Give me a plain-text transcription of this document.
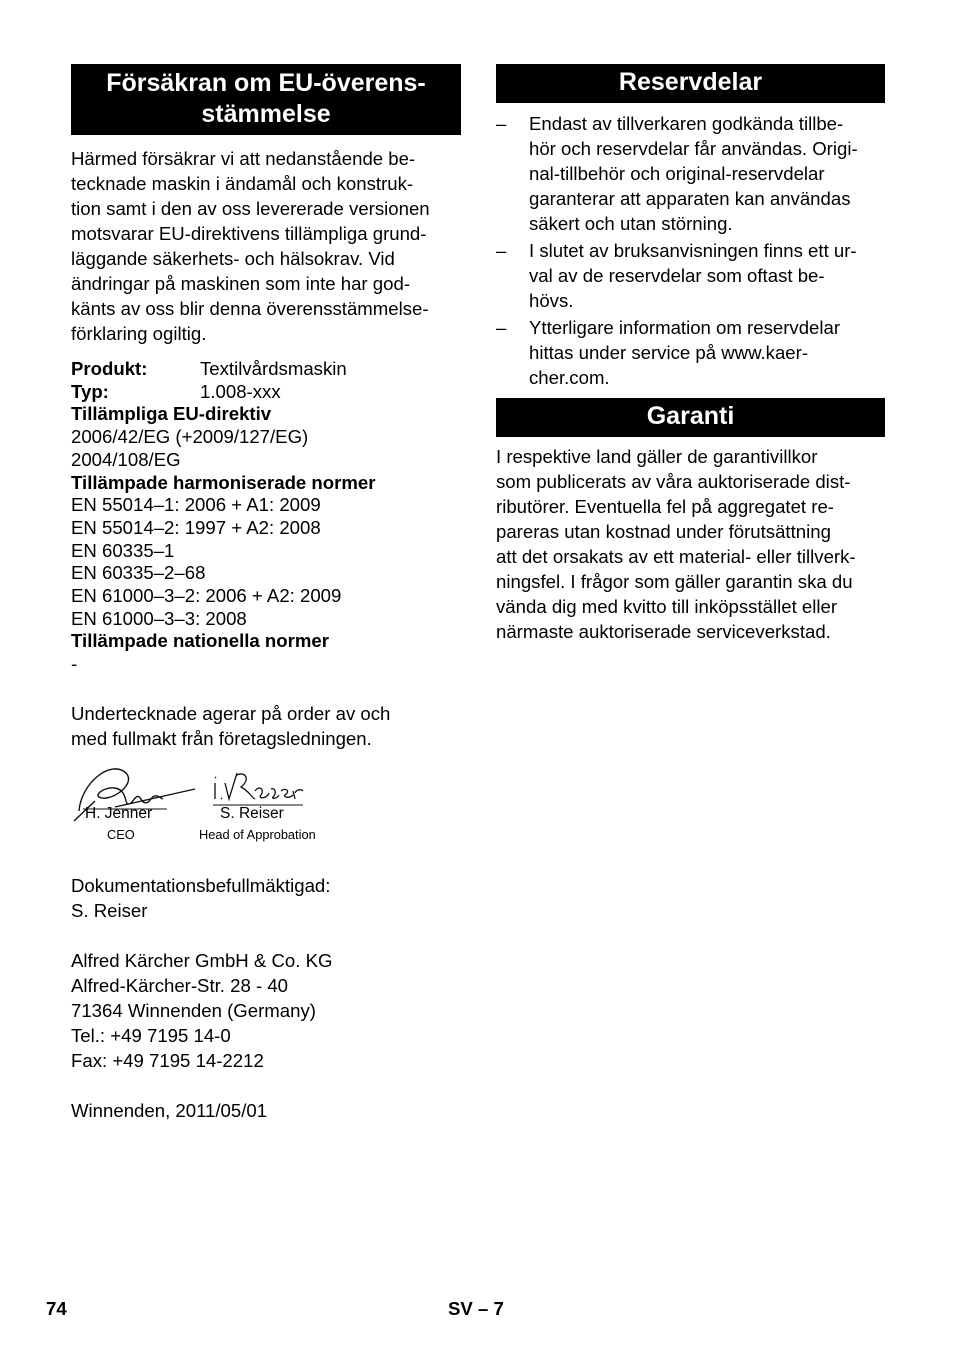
Försäkran om EU-överens-
stämmelse
Härmed försäkrar vi att nedanstående be-
tecknade maskin i ändamål och konstruk-
tion samt i den av oss levererade versionen
motsvarar EU-direktivens tillämpliga grund-
läggande säkerhets- och hälsokrav. Vid
ändringar på maskinen som inte har god-
känts av oss blir denna överensstämmelse-
förklaring ogiltig.
Produkt:	Textilvårdsmaskin
Typ:	1.008-xxx
Tillämpliga EU-direktiv
2006/42/EG (+2009/127/EG)
2004/108/EG
Tillämpade harmoniserade normer
EN 55014–1: 2006 + A1: 2009
EN 55014–2: 1997 + A2: 2008
EN 60335–1
EN 60335–2–68
EN 61000–3–2: 2006 + A2: 2009
EN 61000–3–3: 2008
Tillämpade nationella normer
-
Undertecknade agerar på order av och
med fullmakt från företagsledningen.
H. Jenner
CEO
S. Reiser
Head of Approbation
Dokumentationsbefullmäktigad:
S. Reiser
Alfred Kärcher GmbH & Co. KG
Alfred-Kärcher-Str. 28 - 40
71364 Winnenden (Germany)
Tel.: +49 7195 14-0
Fax: +49 7195 14-2212
Winnenden, 2011/05/01
Reservdelar
– Endast av tillverkaren godkända tillbe-
hör och reservdelar får användas. Origi-
nal-tillbehör och original-reservdelar
garanterar att apparaten kan användas
säkert och utan störning.
– I slutet av bruksanvisningen finns ett ur-
val av de reservdelar som oftast be-
hövs.
– Ytterligare information om reservdelar
hittas under service på www.kaer-
cher.com.
Garanti
I respektive land gäller de garantivillkor
som publicerats av våra auktoriserade dist-
ributörer. Eventuella fel på aggregatet re-
pareras utan kostnad under förutsättning
att det orsakats av ett material- eller tillverk-
ningsfel. I frågor som gäller garantin ska du
vända dig med kvitto till inköpsstället eller
närmaste auktoriserade serviceverkstad.
74	SV – 7
